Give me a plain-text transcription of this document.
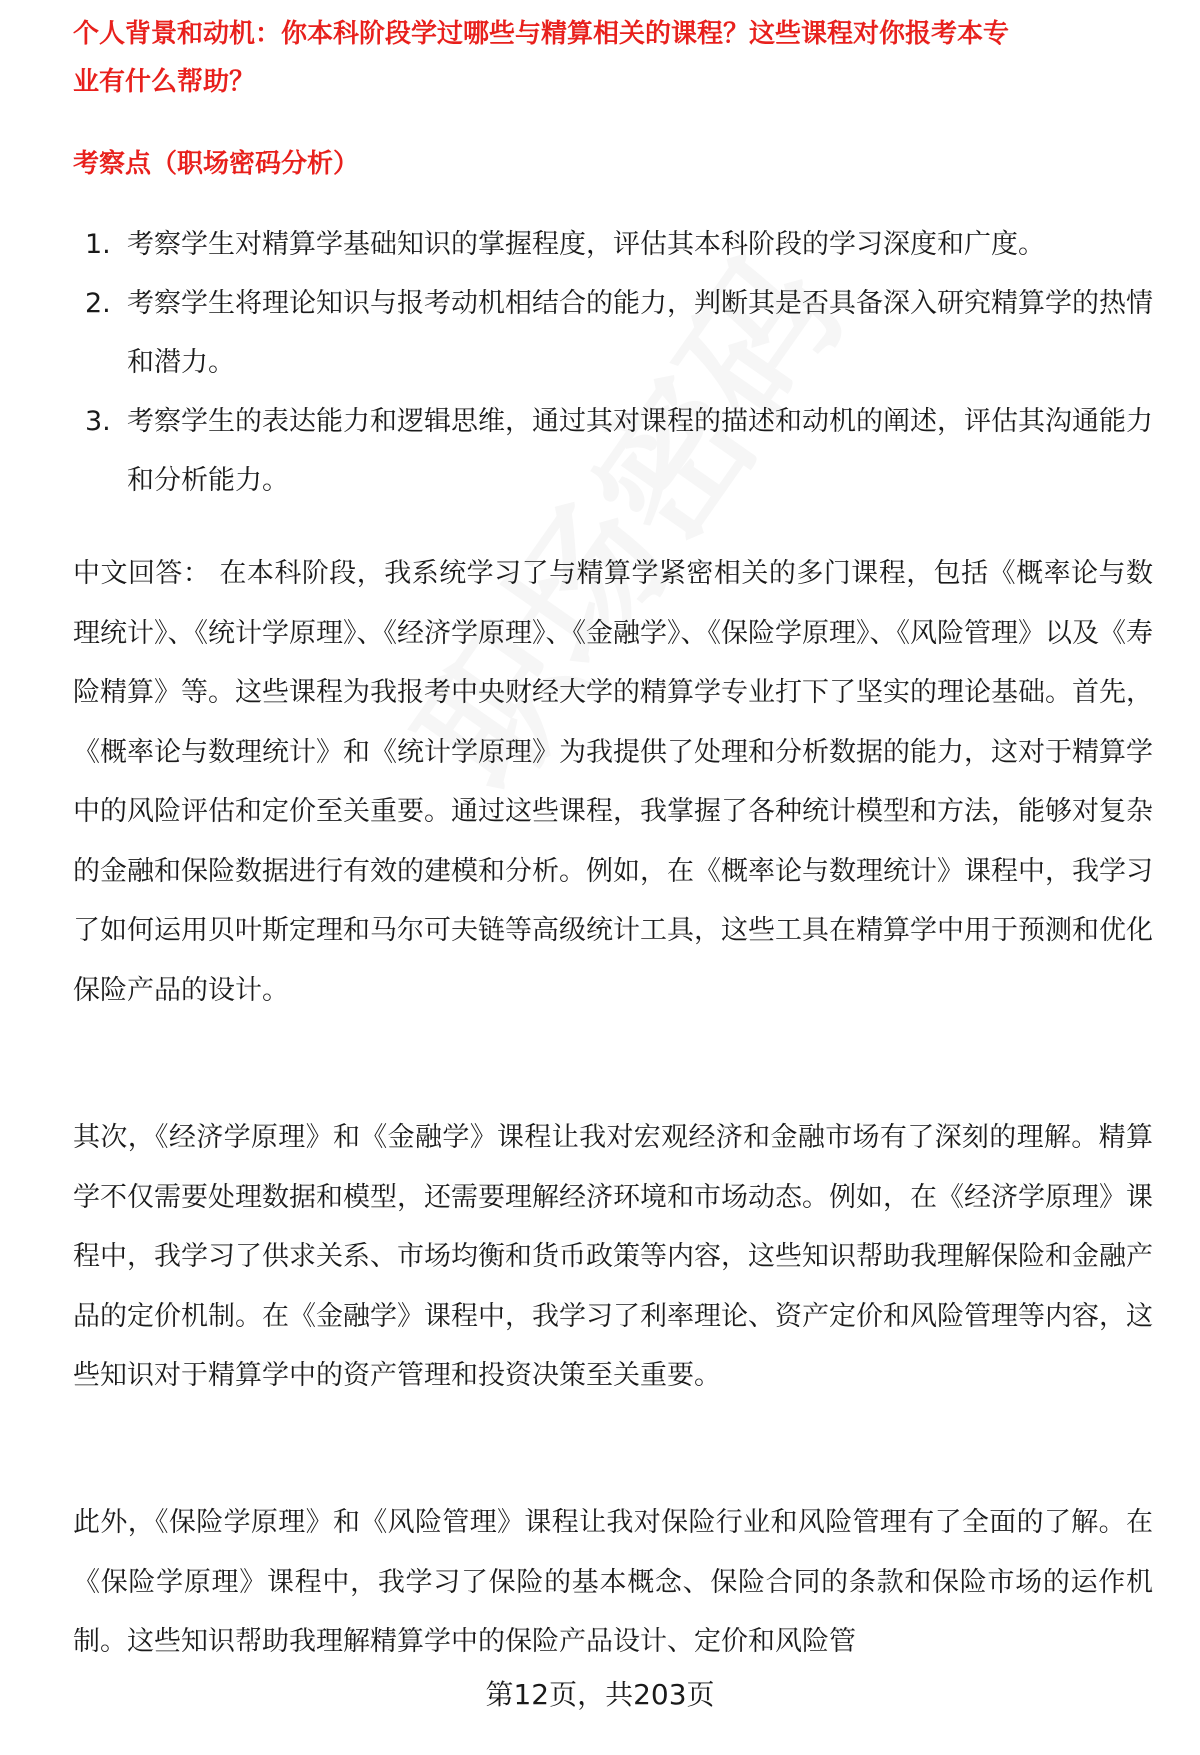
个人背景和动机：你本科阶段学过哪些与精算相关的课程？这些课程对你报考本专
业有什么帮助？
考察点（职场密码分析）
1. 考察学生对精算学基础知识的掌握程度，评估其本科阶段的学习深度和广度。
2. 考察学生将理论知识与报考动机相结合的能力，判断其是否具备深入研究精算学的热情和潜力。
3. 考察学生的表达能力和逻辑思维，通过其对课程的描述和动机的阐述，评估其沟通能力和分析能力。

中文回答： 在本科阶段，我系统学习了与精算学紧密相关的多门课程，包括《概率论与数理统计》、《统计学原理》、《经济学原理》、《金融学》、《保险学原理》、《风险管理》以及《寿险精算》等。这些课程为我报考中央财经大学的精算学专业打下了坚实的理论基础。首先，《概率论与数理统计》和《统计学原理》为我提供了处理和分析数据的能力，这对于精算学中的风险评估和定价至关重要。通过这些课程，我掌握了各种统计模型和方法，能够对复杂的金融和保险数据进行有效的建模和分析。例如，在《概率论与数理统计》课程中，我学习了如何运用贝叶斯定理和马尔可夫链等高级统计工具，这些工具在精算学中用于预测和优化保险产品的设计。

其次，《经济学原理》和《金融学》课程让我对宏观经济和金融市场有了深刻的理解。精算学不仅需要处理数据和模型，还需要理解经济环境和市场动态。例如，在《经济学原理》课程中，我学习了供求关系、市场均衡和货币政策等内容，这些知识帮助我理解保险和金融产品的定价机制。在《金融学》课程中，我学习了利率理论、资产定价和风险管理等内容，这些知识对于精算学中的资产管理和投资决策至关重要。

此外，《保险学原理》和《风险管理》课程让我对保险行业和风险管理有了全面的了解。在《保险学原理》课程中，我学习了保险的基本概念、保险合同的条款和保险市场的运作机制。这些知识帮助我理解精算学中的保险产品设计、定价和风险管

第12页，共203页
